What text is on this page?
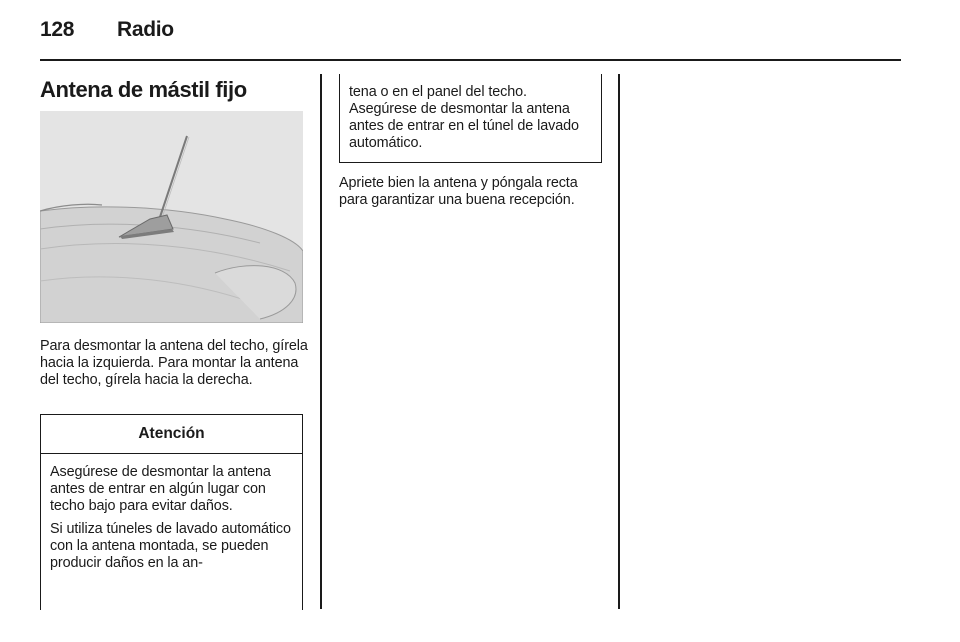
128 Radio
Antena de mástil fijo

Para desmontar la antena del techo, gírela hacia la izquierda. Para montar la antena del techo, gírela hacia la derecha.

Atención

Asegúrese de desmontar la antena antes de entrar en algún lugar con techo bajo para evitar daños.

Si utiliza túneles de lavado automático con la antena montada, se pueden producir daños en la an-

tena o en el panel del techo. Asegúrese de desmontar la antena antes de entrar en el túnel de lavado automático.

Apriete bien la antena y póngala recta para garantizar una buena recepción.
